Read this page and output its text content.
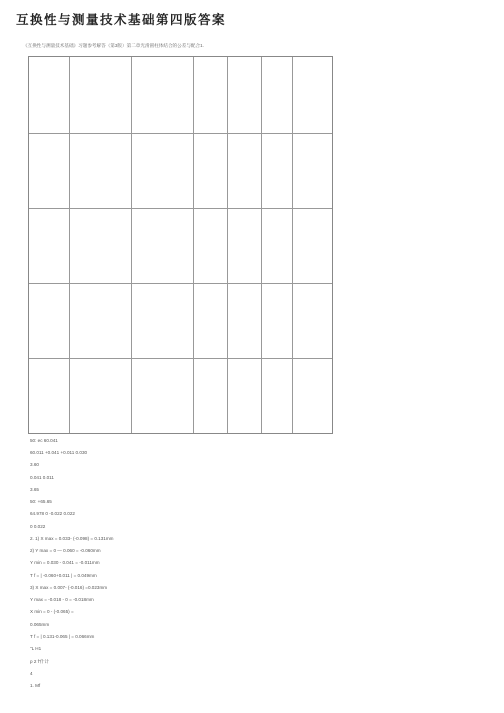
互换性与测量技术基础第四版答案
《互换性与测量技术基础》习题参考解答（第3版）第二章光滑圆柱体结合的公差与配合1.
50: ec 60.041
60.011 +0.041 +0.011 0.030
3.60
0.041 0.011
3.65
50: +65.65
64.978 0 -0.022 0.022
0 0.022
2. 1) X max = 0.033- (-0.098) = 0.131mm
2) Y max = 0 — 0.060 = -0.060mm
Y min = 0.030 - 0.041 = -0.011mm
T f = | -0.060+0.011 | = 0.049mm
3) X max = 0.007- (-0.016) =0.023mm
Y max = -0.018 - 0 = -0.018mm
X min = 0 - (-0.065) =
0.065mm
T f = | 0.131-0.065 | = 0.066mm
"L H1
p 2 f'什计
4
1. Mf
